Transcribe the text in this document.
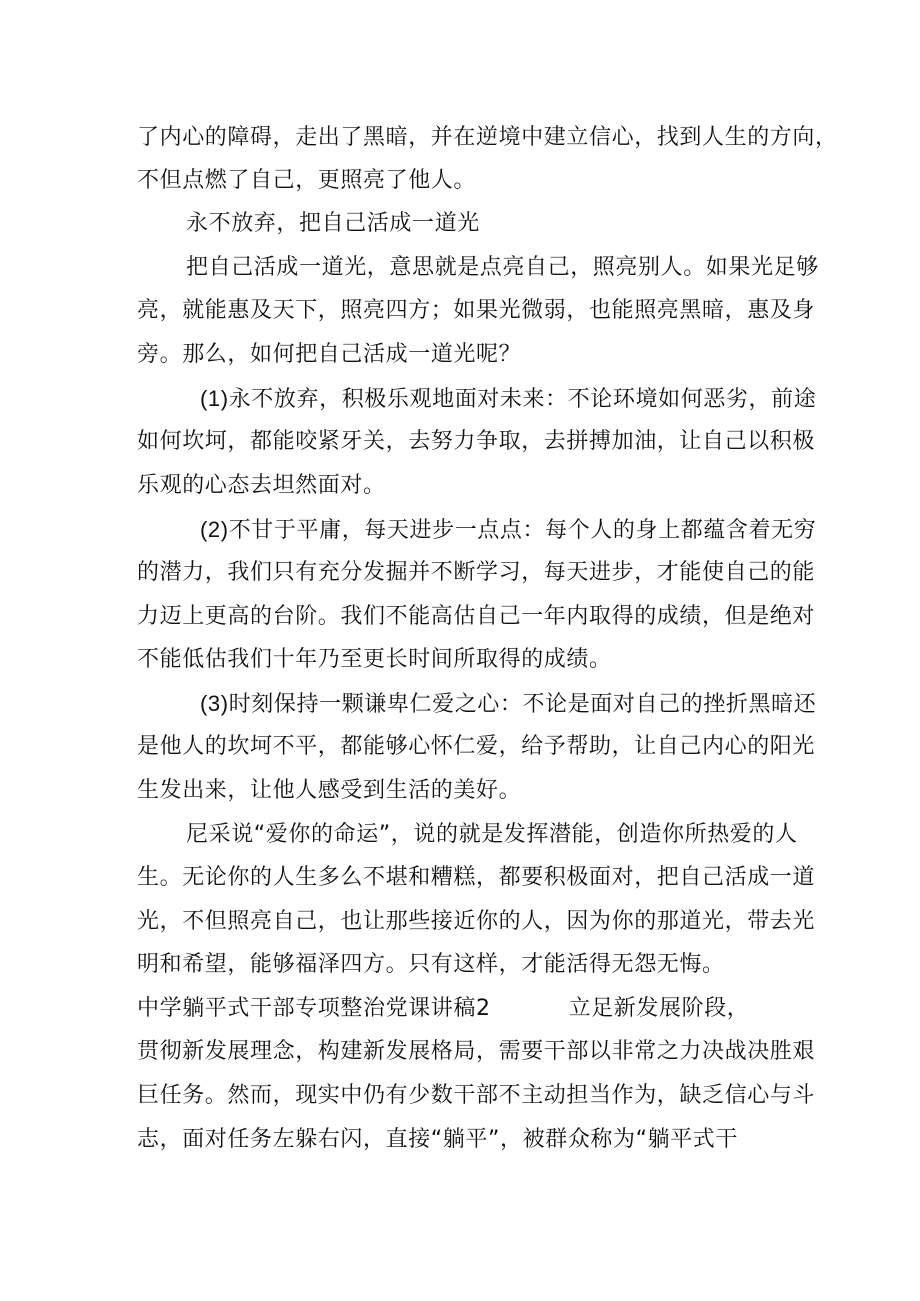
了内心的障碍，走出了黑暗，并在逆境中建立信心，找到人生的方向，
不但点燃了自己，更照亮了他人。
永不放弃，把自己活成一道光
把自己活成一道光，意思就是点亮自己，照亮别人。如果光足够
亮，就能惠及天下，照亮四方；如果光微弱，也能照亮黑暗，惠及身
旁。那么，如何把自己活成一道光呢？
(1)永不放弃，积极乐观地面对未来：不论环境如何恶劣，前途
如何坎坷，都能咬紧牙关，去努力争取，去拼搏加油，让自己以积极
乐观的心态去坦然面对。
(2)不甘于平庸，每天进步一点点：每个人的身上都蕴含着无穷
的潜力，我们只有充分发掘并不断学习，每天进步，才能使自己的能
力迈上更高的台阶。我们不能高估自己一年内取得的成绩，但是绝对
不能低估我们十年乃至更长时间所取得的成绩。
(3)时刻保持一颗谦卑仁爱之心：不论是面对自己的挫折黑暗还
是他人的坎坷不平，都能够心怀仁爱，给予帮助，让自己内心的阳光
生发出来，让他人感受到生活的美好。
尼采说“爱你的命运”，说的就是发挥潜能，创造你所热爱的人
生。无论你的人生多么不堪和糟糕，都要积极面对，把自己活成一道
光，不但照亮自己，也让那些接近你的人，因为你的那道光，带去光
明和希望，能够福泽四方。只有这样，才能活得无怨无悔。
中学躺平式干部专项整治党课讲稿2	立足新发展阶段，
贯彻新发展理念，构建新发展格局，需要干部以非常之力决战决胜艰
巨任务。然而，现实中仍有少数干部不主动担当作为，缺乏信心与斗
志，面对任务左躲右闪，直接“躺平”，被群众称为“躺平式干
